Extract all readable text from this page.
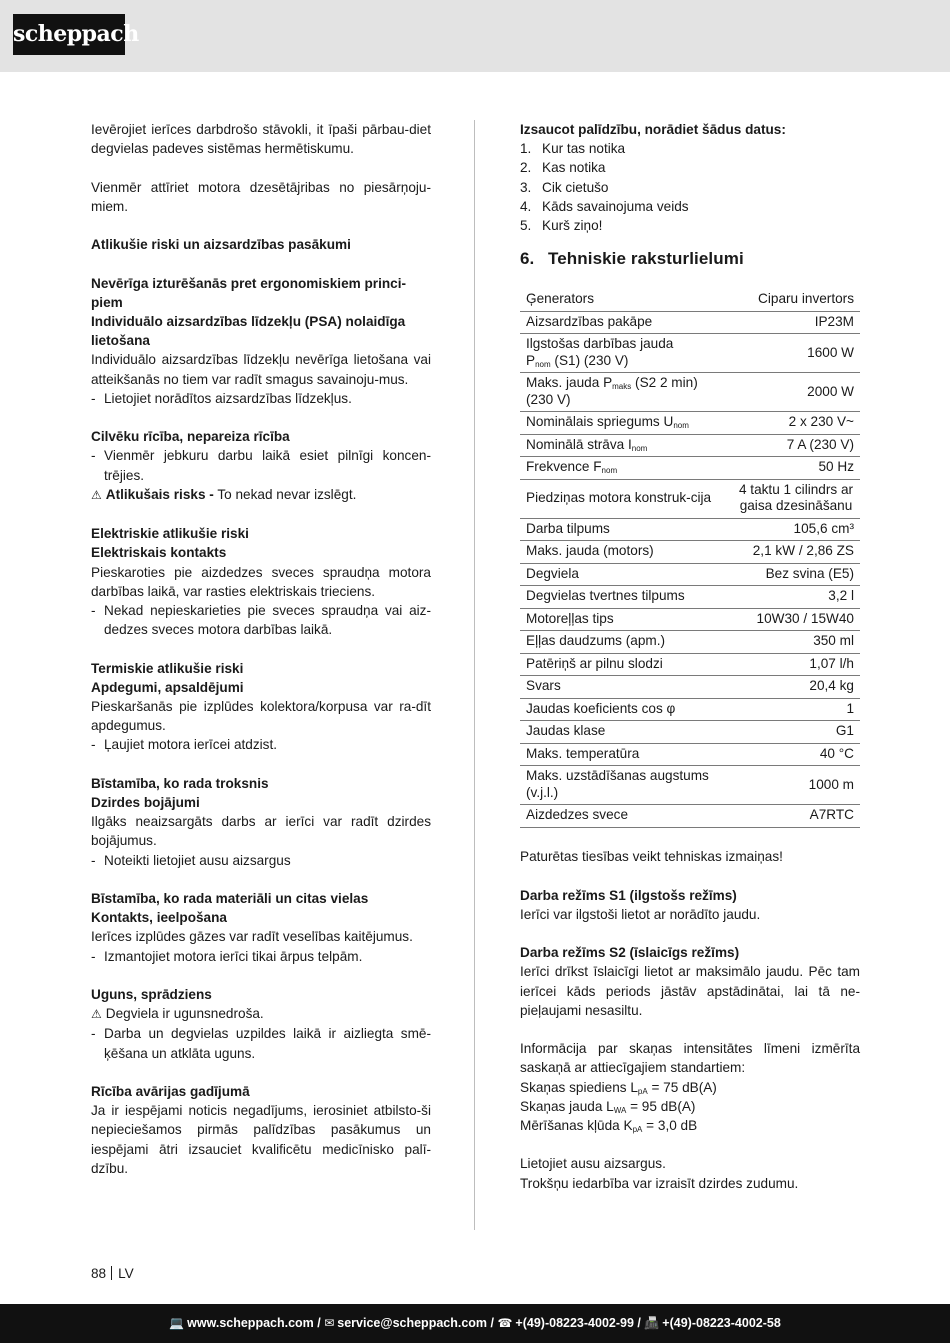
scheppach

Ievērojiet ierīces darbdrošo stāvokli, it īpaši pārbau-diet degvielas padeves sistēmas hermētiskumu.

Vienmēr attīriet motora dzesētājribas no piesārņoju-miem.

Atlikušie riski un aizsardzības pasākumi

Nevērīga izturēšanās pret ergonomiskiem princi-piem

Individuālo aizsardzības līdzekļu (PSA) nolaidīga lietošana

Individuālo aizsardzības līdzekļu nevērīga lietošana vai atteikšanās no tiem var radīt smagus savainoju-mus.

- Lietojiet norādītos aizsardzības līdzekļus.

Cilvēku rīcība, nepareiza rīcība

- Vienmēr jebkuru darbu laikā esiet pilnīgi koncen-trējies.

⚠ Atlikušais risks - To nekad nevar izslēgt.

Elektriskie atlikušie riski

Elektriskais kontakts

Pieskaroties pie aizdedzes sveces spraudņa motora darbības laikā, var rasties elektriskais trieciens.

- Nekad nepieskarieties pie sveces spraudņa vai aiz-dedzes sveces motora darbības laikā.

Termiskie atlikušie riski

Apdegumi, apsaldējumi

Pieskaršanās pie izplūdes kolektora/korpusa var ra-dīt apdegumus.

- Ļaujiet motora ierīcei atdzist.

Bīstamība, ko rada troksnis

Dzirdes bojājumi

Ilgāks neaizsargāts darbs ar ierīci var radīt dzirdes bojājumus.

- Noteikti lietojiet ausu aizsargus

Bīstamība, ko rada materiāli un citas vielas

Kontakts, ieelpošana

Ierīces izplūdes gāzes var radīt veselības kaitējumus.

- Izmantojiet motora ierīci tikai ārpus telpām.

Uguns, sprādziens

⚠ Degviela ir ugunsnedroša.

- Darba un degvielas uzpildes laikā ir aizliegta smē-ķēšana un atklāta uguns.

Rīcība avārijas gadījumā

Ja ir iespējami noticis negadījums, ierosiniet atbilsto-ši nepieciešamos pirmās palīdzības pasākumus un iespējami ātri izsauciet kvalificētu medicīnisko palī-dzību.

Izsaucot palīdzību, norādiet šādus datus:

1. Kur tas notika
2. Kas notika
3. Cik cietušo
4. Kāds savainojuma veids
5. Kurš ziņo!
6. Tehniskie raksturlielumi
Ģenerators	Ciparu invertors
Aizsardzības pakāpe	IP23M
Ilgstošas darbības jauda
$P_{nom}$ (S1) (230 V)	1600 W
Maks. jauda $P_{maks}$ (S2 2 min)
(230 V)	2000 W
Nominālais spriegums $U_{nom}$	2 x 230 V~
Nominālā strāva $I_{nom}$	7 A (230 V)
Frekvence $F_{nom}$	50 Hz
Piedziņas motora konstruk-cija	4 taktu 1 cilindrs ar gaisa dzesināšanu
Darba tilpums	105,6 cm³
Maks. jauda (motors)	2,1 kW / 2,86 ZS
Degviela	Bez svina (E5)
Degvielas tvertnes tilpums	3,2 l
Motoreļļas tips	10W30 / 15W40
Eļļas daudzums (apm.)	350 ml
Patēriņš ar pilnu slodzi	1,07 l/h
Svars	20,4 kg
Jaudas koeficients cos φ	1
Jaudas klase	G1
Maks. temperatūra	40 °C
Maks. uzstādīšanas augstums (v.j.l.)	1000 m
Aizdedzes svece	A7RTC

Paturētas tiesības veikt tehniskas izmaiņas!

Darba režīms S1 (ilgstošs režīms)

Ierīci var ilgstoši lietot ar norādīto jaudu.

Darba režīms S2 (īslaicīgs režīms)

Ierīci drīkst īslaicīgi lietot ar maksimālo jaudu. Pēc tam ierīcei kāds periods jāstāv apstādinātai, lai tā ne-pieļaujami nesasiltu.

Informācija par skaņas intensitātes līmeni izmērīta saskaņā ar attiecīgajiem standartiem:

Skaņas spiediens $L_{pA} = 75$ dB(A)

Skaņas jauda $L_{WA} = 95$ dB(A)

Mērīšanas kļūda $K_{pA} = 3,0$ dB

Lietojiet ausu aizsargus.

Trokšņu iedarbība var izraisīt dzirdes zudumu.

88 LV
💻 www.scheppach.com / ✉ service@scheppach.com / ☎ +(49)-08223-4002-99 / 📠 +(49)-08223-4002-58
